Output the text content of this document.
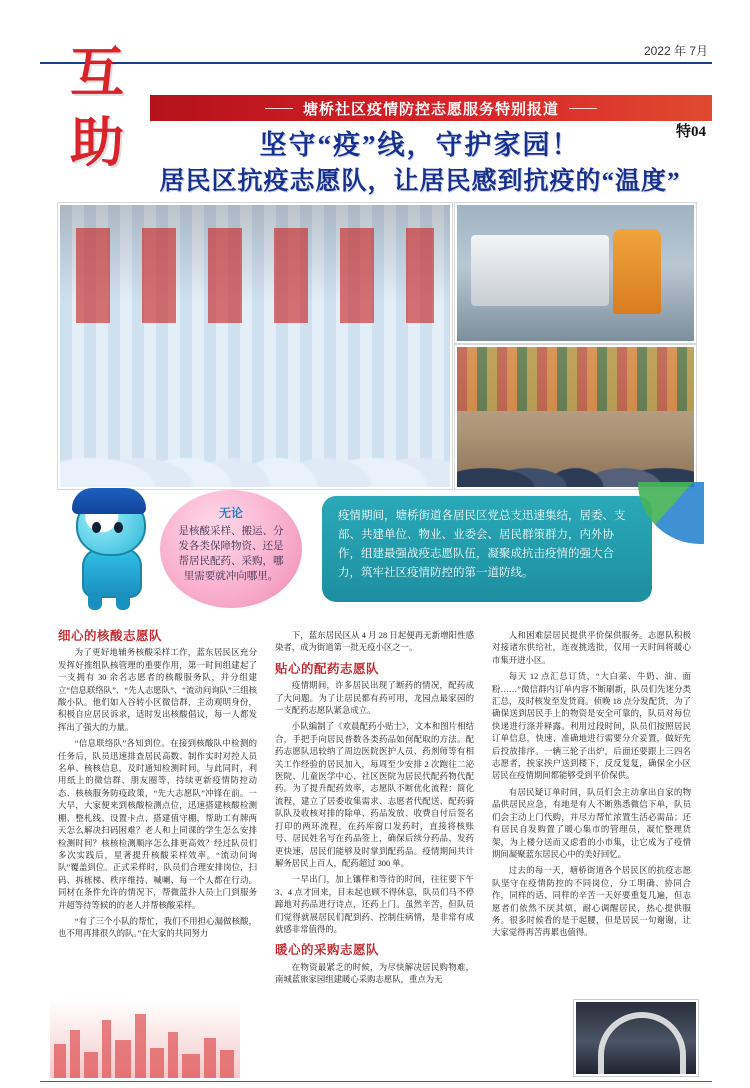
2022 年 7月
互
助
塘桥社区疫情防控志愿服务特别报道
特04
坚守“疫”线，守护家园！
居民区抗疫志愿队，让居民感到抗疫的“温度”
无论
是核酸采样、搬运、分发各类保障物资、还是帮居民配药、采购，哪里需要就冲向哪里。
疫情期间，塘桥街道各居民区党总支迅速集结，居委、支部、共建单位、物业、业委会、居民群策群力，内外协作，组建最强战疫志愿队伍，凝聚成抗击疫情的强大合力，筑牢社区疫情防控的第一道防线。
细心的核酸志愿队

为了更好地辅务核酸采样工作，蓝东居民区充分发挥好推组队核管理的重要作用，第一时间组建起了一支拥有 30 余名志愿者的核酸服务队，并分组建立“信息联络队”、“先人志愿队”、“流动问询队”三组核酸小队。他们如入谷转小区微信群，主动观明身份，积极自应居民诉求，适时发出核酸倡议，每一人都发挥出了强大的力量。

“信息联络队”各知到位。在接到核酸队中检测的任务后，队员迅速排查居民高数、制作实时对控人员名单、核核信息，及时通知检测时间。与此同时，利用纸上的微信群、朋友圈等，持续更新疫情防控动态、核核服务防疫政策，“先大志愿队”冲锋在前。一大早，大家便来到核酸检测点位，迅速搭建核酸检测棚、整札线、设置卡点、搭建值守棚，帮助工有牌两天怎么解决扫码困难？老人和上同课的学生怎么安排检测时间？核核检测顺序怎么排更高效？经过队员们多次实践后，星著提升核酸采样效率。“流动问询队”覆盖到位。正式采样时，队员们合理安排岗位，扫码、拆栋梯、秩序维持、喊喇、每一个人都在行动。同材在条件允许的情况下，帮微蓝扑人员上门到服务并超等待等候的的老人并帮核酸采样。

“有了三个小队的帮忙，我们不用担心漏做核酸，也不用再排很久的队。”在大家的共同努力

下，蓝东居民区从 4 月 28 日起便再无新增阳性感染者，成为街道第一批无疫小区之一。

贴心的配药志愿队

疫情期间，许多居民出现了断药的情况，配药成了大问题。为了让居民都有药可用，龙园点最家园的一支配药志愿队紧急成立。

小队编制了《欢晨配药小贴士》，文本和图片相结合，手把手向居民普数各类药品如何配取的方法。配药志愿队迅较纳了周边医院医护人员、药剂师等有相关工作经验的居民加入，每周至少安排 2 次跑往二泌医院、儿童医学中心、社区医院为居民代配药物代配药。为了提升配药效率，志愿队不断优化流程：简化流程，建立了居委收集需求、志愿者代配送、配药骑队队及收核对排的除单、药品发放、收费自付后签名打印的两环流程，在药库窗口发药时，直接将核账号、居民姓名写在药品签上，确保后续分药品、发药更快速，居民们能够及时掌到配药品。疫情期间共计解务居民上百人，配药超过 300 单。

一早出门，加上镶样和等待的时间，往往要下午 3、4 点才回来，目未起也顾不得休息，队员们马不停蹄地对药品进行诗点，还药上门。虽然辛苦，但队员们觉得就展居民们配到药、控制住病情，是非常有成就感非常值得的。

暖心的采购志愿队

在物资最紧乏的时候，为尽快解决居民购物难，南城蓝旅家园组建暖心采购志愿队，重点为无

人和困难层居民提供平价保供服务。志愿队积极对接诸东供给社，连夜挑选批，仅用一天时间将暖心市集开进小区。

每天 12 点汇总订货，“大白菜、牛奶、油、面粉……”微信群内订单内容不断刷新，队员们先迷分类汇总，及时核发至发货商。侦晚 18 点分发配货，为了确保送到居民手上的物资是安全可靠的，队员对每位快递进行涤并释露。利用过段时间，队员们按照居民订单信息，快速、准确地进行需要分介妥置，做好先后投放排序。一辆三轮子出炉，后面还要跟上三四名志愿者，挨家挨户送到楼下，反反复复，确保全小区居民在疫情期间都能够受到平价保供。

有居民疑订单时间，队员们会主动拿出自家的物品供居民应急，有地是有人不断熟悉微信下单，队员们会主动上门代购，并尽力帮忙浓置生活必需品；还有居民自发购置了暖心集市的管理员，凝忙整理货架，为上楼分送而又虑看的小市集，让它成为了疫情期间凝聚蓝东居民心中的美好回忆。

过去的每一天，塘桥街道各个居民区的抗疫志愿队坚守在疫情防控的不同岗位，分工明确、协同合作，同样的话、同样的辛苦一天好要重复几遍，但志愿者们依然不厌其烦，耐心调醒居民，热心提供服务。很多时候看的是干起腰，但是居民一句谢谢，让大家觉得再苦再累也值得。
